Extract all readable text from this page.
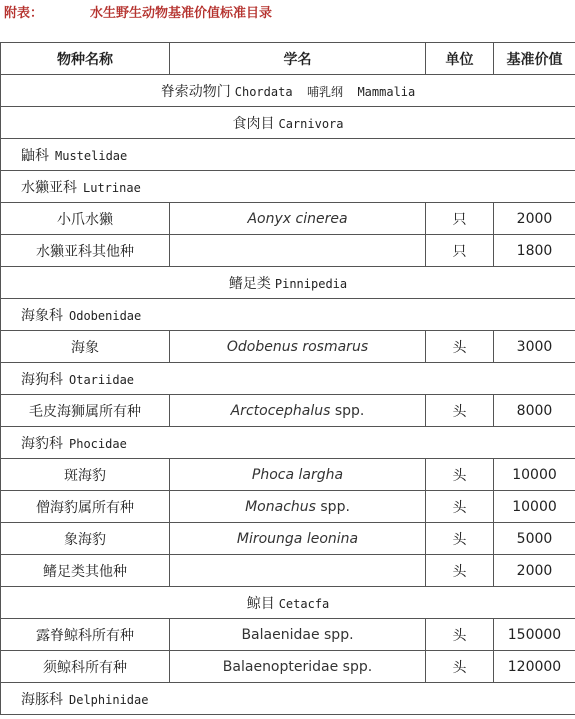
附表：	水生野生动物基准价值标准目录
物种名称	学名	单位	基准价值
脊索动物门 Chordata  哺乳纲  Mammalia			
食肉目 Carnivora			
鼬科 Mustelidae			
水獭亚科 Lutrinae			
小爪水獭	Aonyx cinerea	只	2000
水獭亚科其他种		只	1800
鳍足类 Pinnipedia			
海象科 Odobenidae			
海象	Odobenus rosmarus	头	3000
海狗科 Otariidae			
毛皮海狮属所有种	Arctocephalus spp.	头	8000
海豹科 Phocidae			
斑海豹	Phoca largha	头	10000
僧海豹属所有种	Monachus spp.	头	10000
象海豹	Mirounga leonina	头	5000
鳍足类其他种		头	2000
鲸目 Cetacfa			
露脊鲸科所有种	Balaenidae spp.	头	150000
须鲸科所有种	Balaenopteridae spp.	头	120000
海豚科 Delphinidae			
